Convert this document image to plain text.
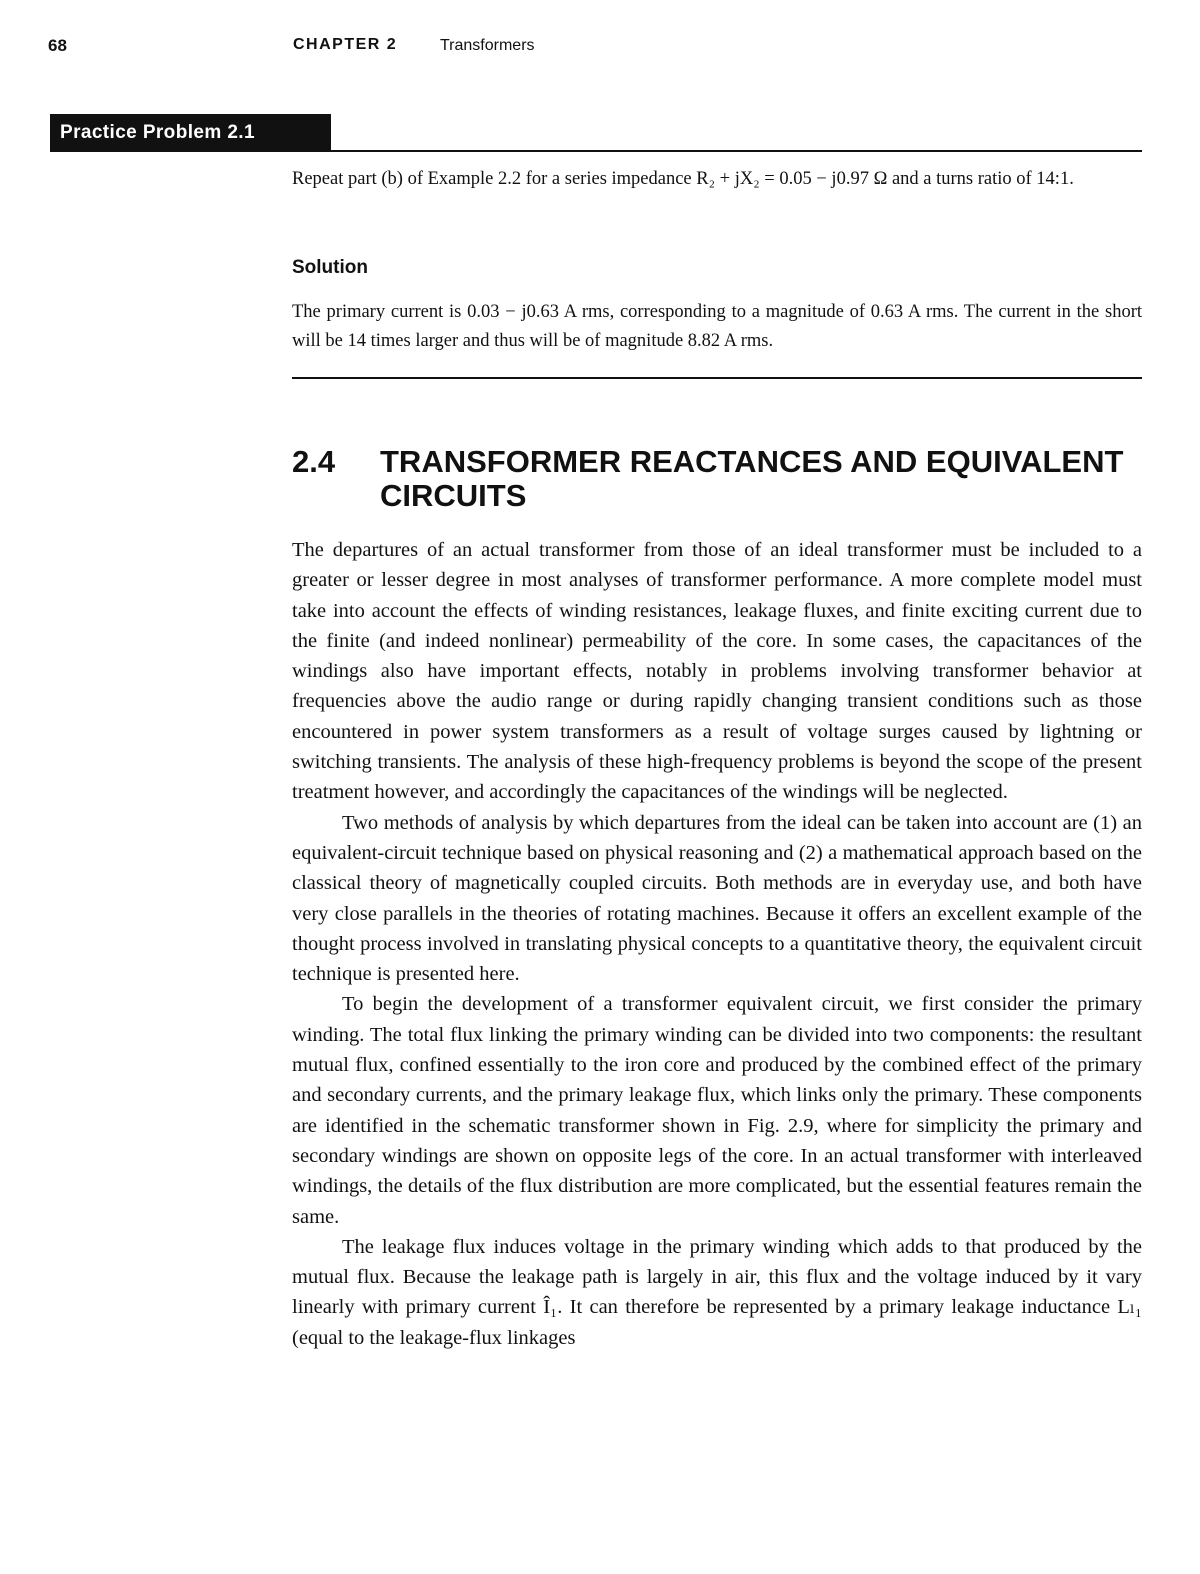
68	CHAPTER 2	Transformers
Practice Problem 2.1
Repeat part (b) of Example 2.2 for a series impedance R₂ + jX₂ = 0.05 − j0.97 Ω and a turns ratio of 14:1.
Solution
The primary current is 0.03 − j0.63 A rms, corresponding to a magnitude of 0.63 A rms. The current in the short will be 14 times larger and thus will be of magnitude 8.82 A rms.
2.4 TRANSFORMER REACTANCES AND EQUIVALENT CIRCUITS

The departures of an actual transformer from those of an ideal transformer must be included to a greater or lesser degree in most analyses of transformer performance. A more complete model must take into account the effects of winding resistances, leakage fluxes, and finite exciting current due to the finite (and indeed nonlinear) permeability of the core. In some cases, the capacitances of the windings also have important effects, notably in problems involving transformer behavior at frequencies above the audio range or during rapidly changing transient conditions such as those encountered in power system transformers as a result of voltage surges caused by lightning or switching transients. The analysis of these high-frequency problems is beyond the scope of the present treatment however, and accordingly the capacitances of the windings will be neglected.

Two methods of analysis by which departures from the ideal can be taken into account are (1) an equivalent-circuit technique based on physical reasoning and (2) a mathematical approach based on the classical theory of magnetically coupled circuits. Both methods are in everyday use, and both have very close parallels in the theories of rotating machines. Because it offers an excellent example of the thought process involved in translating physical concepts to a quantitative theory, the equivalent circuit technique is presented here.

To begin the development of a transformer equivalent circuit, we first consider the primary winding. The total flux linking the primary winding can be divided into two components: the resultant mutual flux, confined essentially to the iron core and produced by the combined effect of the primary and secondary currents, and the primary leakage flux, which links only the primary. These components are identified in the schematic transformer shown in Fig. 2.9, where for simplicity the primary and secondary windings are shown on opposite legs of the core. In an actual transformer with interleaved windings, the details of the flux distribution are more complicated, but the essential features remain the same.

The leakage flux induces voltage in the primary winding which adds to that produced by the mutual flux. Because the leakage path is largely in air, this flux and the voltage induced by it vary linearly with primary current Î₁. It can therefore be represented by a primary leakage inductance Lₗ₁ (equal to the leakage-flux linkages
